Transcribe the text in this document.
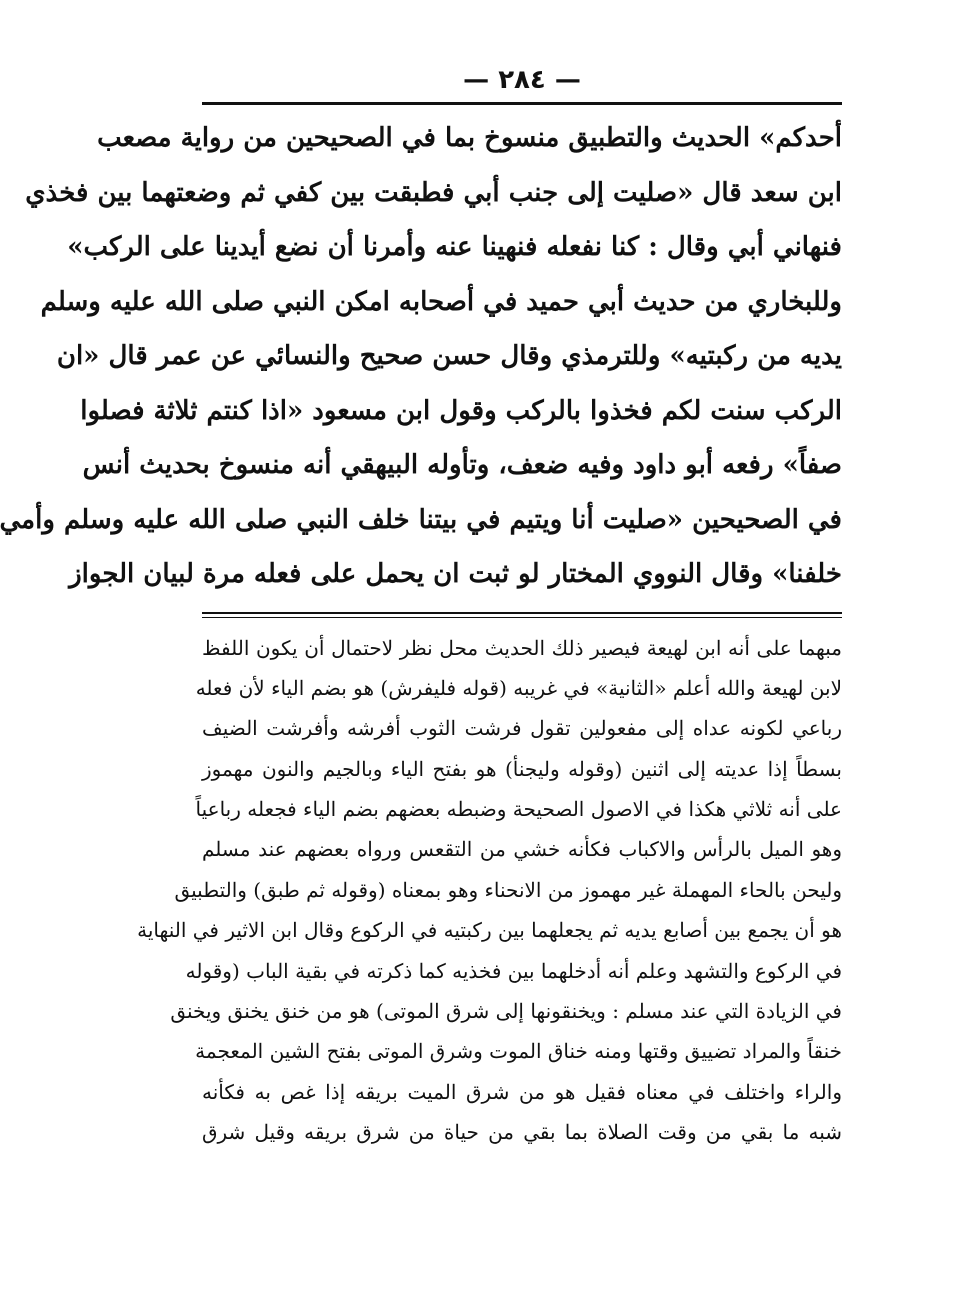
— ٢٨٤ —
أحدكم» الحديث والتطبيق منسوخ بما في الصحيحين من رواية مصعب
ابن سعد قال «صليت إلى جنب أبي فطبقت بين كفي ثم وضعتهما بين فخذي
فنهاني أبي وقال : كنا نفعله فنهينا عنه وأمرنا أن نضع أيدينا على الركب»
وللبخاري من حديث أبي حميد في أصحابه امكن النبي صلى الله عليه وسلم
يديه من ركبتيه» وللترمذي وقال حسن صحيح والنسائي عن عمر قال «ان
الركب سنت لكم فخذوا بالركب وقول ابن مسعود «اذا كنتم ثلاثة فصلوا
صفاً» رفعه أبو داود وفيه ضعف، وتأوله البيهقي أنه منسوخ بحديث أنس
في الصحيحين «صليت أنا ويتيم في بيتنا خلف النبي صلى الله عليه وسلم وأمي
خلفنا» وقال النووي المختار لو ثبت ان يحمل على فعله مرة لبيان الجواز
مبهما على أنه ابن لهيعة فيصير ذلك الحديث محل نظر لاحتمال أن يكون اللفظ
لابن لهيعة والله أعلم «الثانية» في غريبه (قوله فليفرش) هو بضم الياء لأن فعله
رباعي لكونه عداه إلى مفعولين تقول فرشت الثوب أفرشه وأفرشت الضيف
بسطاً إذا عديته إلى اثنين (وقوله وليجنأ) هو بفتح الياء وبالجيم والنون مهموز
على أنه ثلاثي هكذا في الاصول الصحيحة وضبطه بعضهم بضم الياء فجعله رباعياً
وهو الميل بالرأس والاكباب فكأنه خشي من التقعس ورواه بعضهم عند مسلم
وليحن بالحاء المهملة غير مهموز من الانحناء وهو بمعناه (وقوله ثم طبق) والتطبيق
هو أن يجمع بين أصابع يديه ثم يجعلهما بين ركبتيه في الركوع وقال ابن الاثير في النهاية
في الركوع والتشهد وعلم أنه أدخلهما بين فخذيه كما ذكرته في بقية الباب (وقوله
في الزيادة التي عند مسلم : ويخنقونها إلى شرق الموتى) هو من خنق يخنق ويخنق
خنقاً والمراد تضييق وقتها ومنه خناق الموت وشرق الموتى بفتح الشين المعجمة
والراء واختلف في معناه فقيل هو من شرق الميت بريقه إذا غص به فكأنه
شبه ما بقي من وقت الصلاة بما بقي من حياة من شرق بريقه وقيل شرق
